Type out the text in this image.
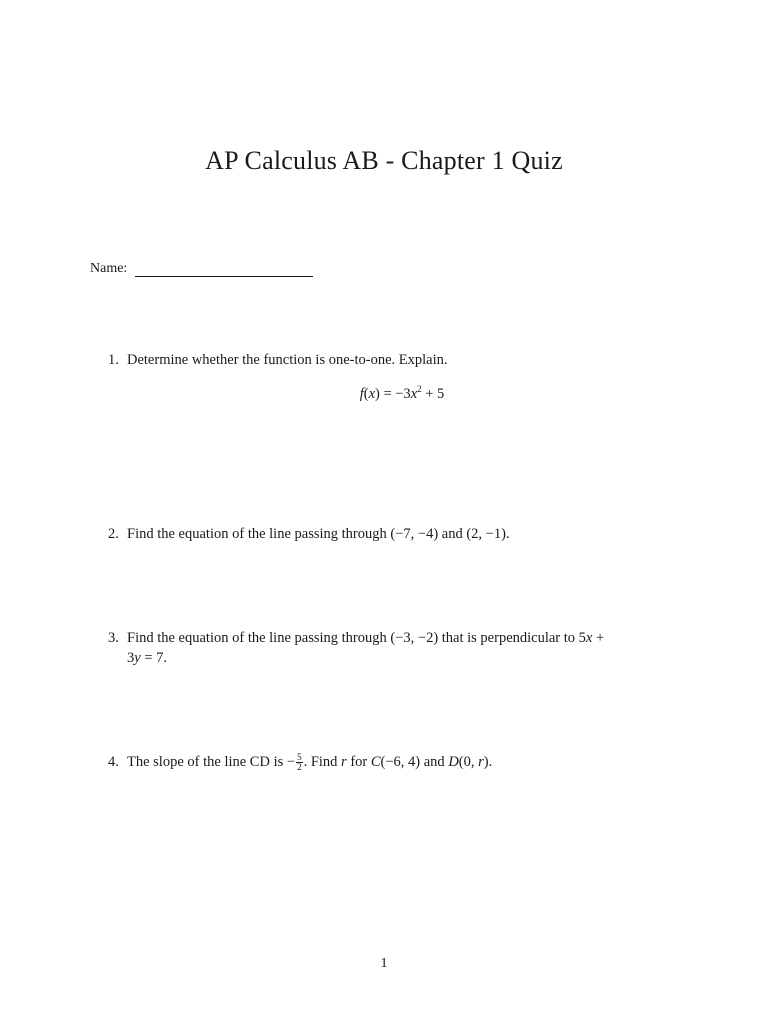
AP Calculus AB - Chapter 1 Quiz
Name:
1. Determine whether the function is one-to-one. Explain.
$f(x) = -3x^2 + 5$
2. Find the equation of the line passing through (−7, −4) and (2, −1).
3. Find the equation of the line passing through (−3, −2) that is perpendicular to 5x +
3y = 7.
4. The slope of the line CD is − $\frac{5}{2}$ . Find r for C(−6, 4) and D(0, r).
1
